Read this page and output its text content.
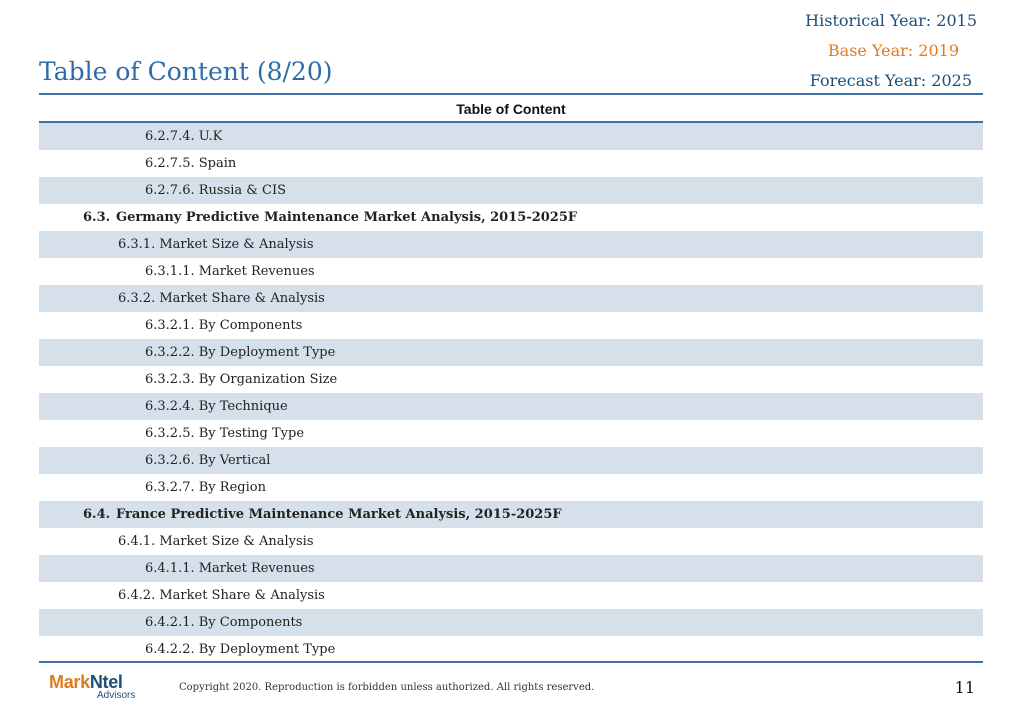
Historical Year: 2015
Base Year: 2019
Forecast Year: 2025
Table of Content (8/20)
Table of Content
6.2.7.4. U.K
6.2.7.5. Spain
6.2.7.6. Russia & CIS
6.3. Germany Predictive Maintenance Market Analysis, 2015-2025F
6.3.1. Market Size & Analysis
6.3.1.1. Market Revenues
6.3.2. Market Share & Analysis
6.3.2.1. By Components
6.3.2.2. By Deployment Type
6.3.2.3. By Organization Size
6.3.2.4. By Technique
6.3.2.5. By Testing Type
6.3.2.6. By Vertical
6.3.2.7. By Region
6.4. France Predictive Maintenance Market Analysis, 2015-2025F
6.4.1. Market Size & Analysis
6.4.1.1. Market Revenues
6.4.2. Market Share & Analysis
6.4.2.1. By Components
6.4.2.2. By Deployment Type
MarkNtel
Advisors
Copyright 2020. Reproduction is forbidden unless authorized. All rights reserved.	11
